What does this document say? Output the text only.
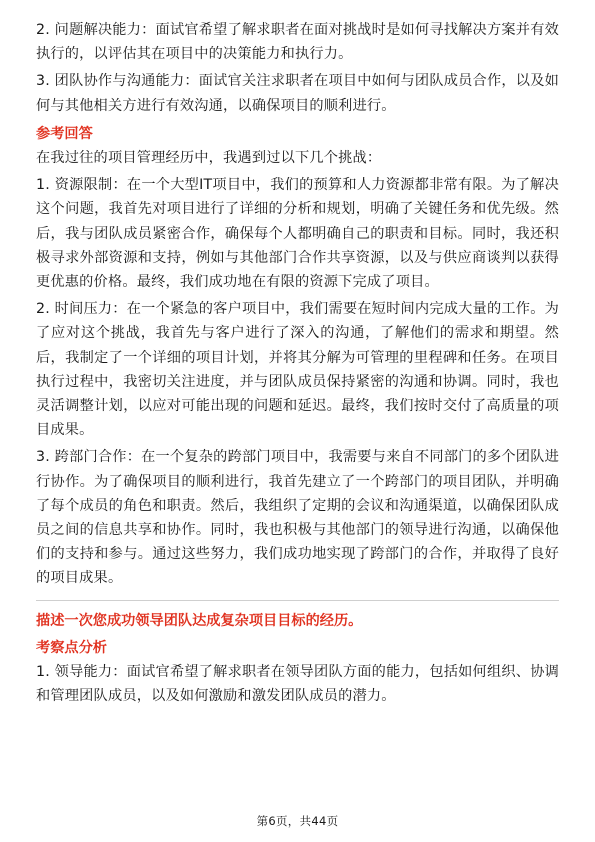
2. 问题解决能力：面试官希望了解求职者在面对挑战时是如何寻找解决方案并有效执行的，以评估其在项目中的决策能力和执行力。

3. 团队协作与沟通能力：面试官关注求职者在项目中如何与团队成员合作，以及如何与其他相关方进行有效沟通，以确保项目的顺利进行。

参考回答

在我过往的项目管理经历中，我遇到过以下几个挑战：

1. 资源限制：在一个大型IT项目中，我们的预算和人力资源都非常有限。为了解决这个问题，我首先对项目进行了详细的分析和规划，明确了关键任务和优先级。然后，我与团队成员紧密合作，确保每个人都明确自己的职责和目标。同时，我还积极寻求外部资源和支持，例如与其他部门合作共享资源，以及与供应商谈判以获得更优惠的价格。最终，我们成功地在有限的资源下完成了项目。

2. 时间压力：在一个紧急的客户项目中，我们需要在短时间内完成大量的工作。为了应对这个挑战，我首先与客户进行了深入的沟通，了解他们的需求和期望。然后，我制定了一个详细的项目计划，并将其分解为可管理的里程碑和任务。在项目执行过程中，我密切关注进度，并与团队成员保持紧密的沟通和协调。同时，我也灵活调整计划，以应对可能出现的问题和延迟。最终，我们按时交付了高质量的项目成果。

3. 跨部门合作：在一个复杂的跨部门项目中，我需要与来自不同部门的多个团队进行协作。为了确保项目的顺利进行，我首先建立了一个跨部门的项目团队，并明确了每个成员的角色和职责。然后，我组织了定期的会议和沟通渠道，以确保团队成员之间的信息共享和协作。同时，我也积极与其他部门的领导进行沟通，以确保他们的支持和参与。通过这些努力，我们成功地实现了跨部门的合作，并取得了良好的项目成果。

描述一次您成功领导团队达成复杂项目目标的经历。
考察点分析

1. 领导能力：面试官希望了解求职者在领导团队方面的能力，包括如何组织、协调和管理团队成员，以及如何激励和激发团队成员的潜力。

第6页，共44页
